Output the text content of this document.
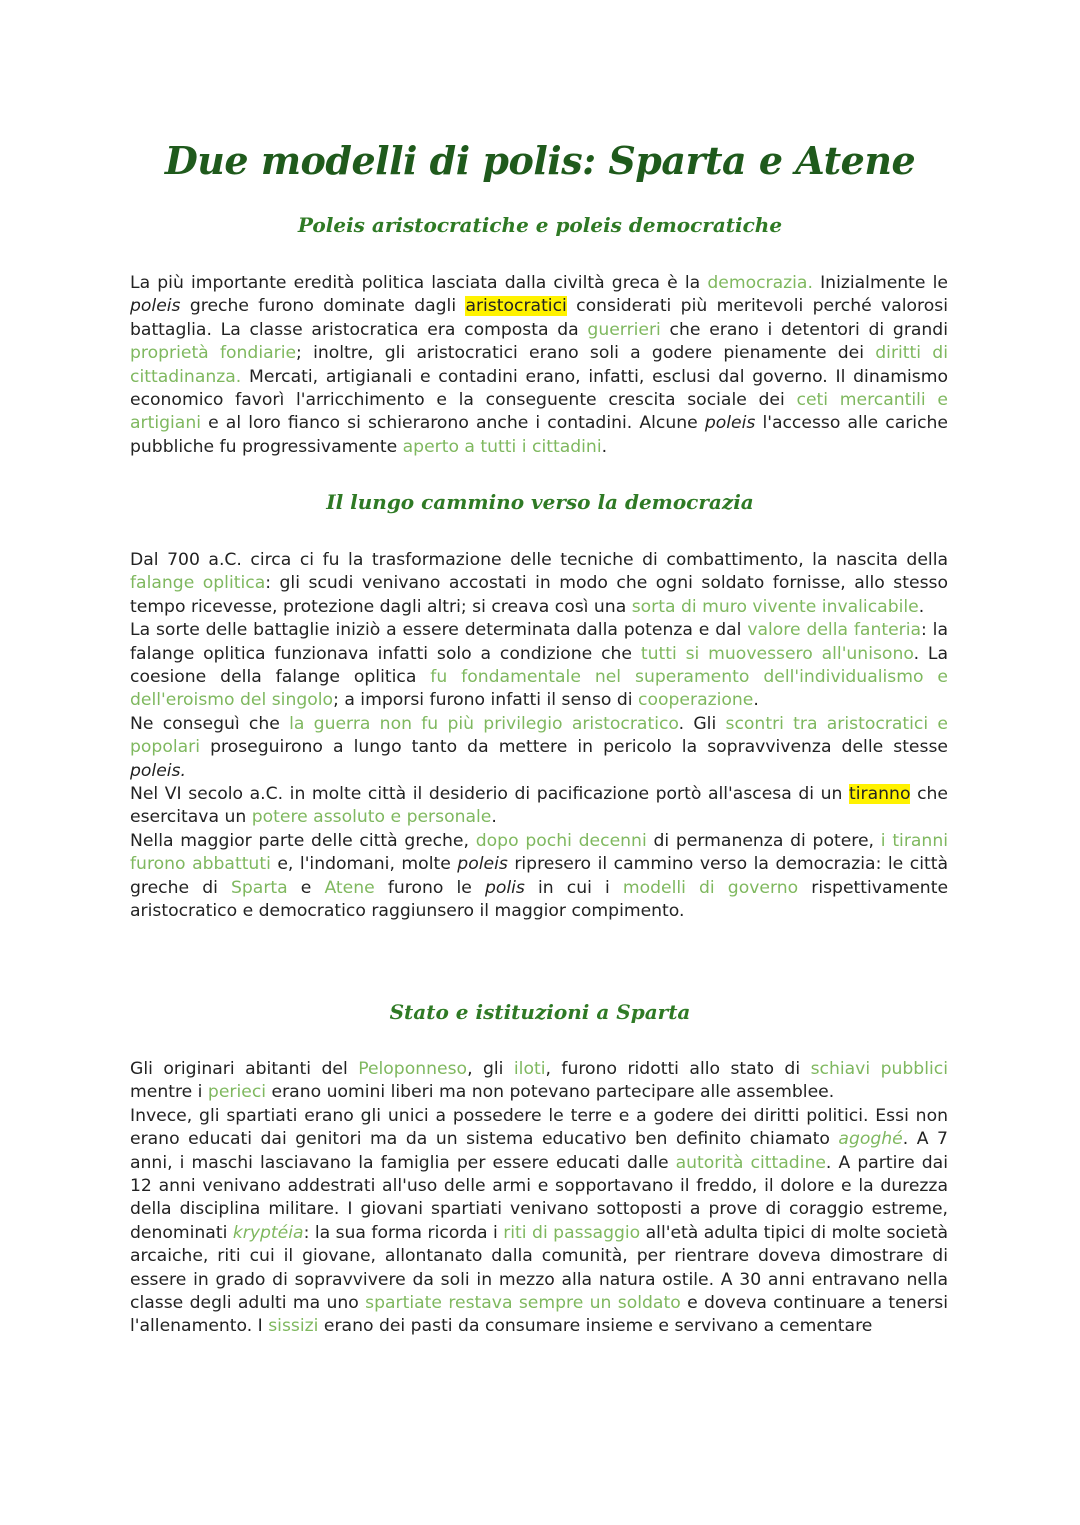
Due modelli di polis: Sparta e Atene
Poleis aristocratiche e poleis democratiche

La più importante eredità politica lasciata dalla civiltà greca è la democrazia. Inizialmente le poleis greche furono dominate dagli aristocratici considerati più meritevoli perché valorosi battaglia. La classe aristocratica era composta da guerrieri che erano i detentori di grandi proprietà fondiarie; inoltre, gli aristocratici erano soli a godere pienamente dei diritti di cittadinanza. Mercati, artigianali e contadini erano, infatti, esclusi dal governo. Il dinamismo economico favorì l'arricchimento e la conseguente crescita sociale dei ceti mercantili e artigiani e al loro fianco si schierarono anche i contadini. Alcune poleis l'accesso alle cariche pubbliche fu progressivamente aperto a tutti i cittadini.

Il lungo cammino verso la democrazia

Dal 700 a.C. circa ci fu la trasformazione delle tecniche di combattimento, la nascita della falange oplitica: gli scudi venivano accostati in modo che ogni soldato fornisse, allo stesso tempo ricevesse, protezione dagli altri; si creava così una sorta di muro vivente invalicabile.

La sorte delle battaglie iniziò a essere determinata dalla potenza e dal valore della fanteria: la falange oplitica funzionava infatti solo a condizione che tutti si muovessero all'unisono. La coesione della falange oplitica fu fondamentale nel superamento dell'individualismo e dell'eroismo del singolo; a imporsi furono infatti il senso di cooperazione.

Ne conseguì che la guerra non fu più privilegio aristocratico. Gli scontri tra aristocratici e popolari proseguirono a lungo tanto da mettere in pericolo la sopravvivenza delle stesse poleis.

Nel VI secolo a.C. in molte città il desiderio di pacificazione portò all'ascesa di un tiranno che esercitava un potere assoluto e personale.

Nella maggior parte delle città greche, dopo pochi decenni di permanenza di potere, i tiranni furono abbattuti e, l'indomani, molte poleis ripresero il cammino verso la democrazia: le città greche di Sparta e Atene furono le polis in cui i modelli di governo rispettivamente aristocratico e democratico raggiunsero il maggior compimento.

Stato e istituzioni a Sparta

Gli originari abitanti del Peloponneso, gli iloti, furono ridotti allo stato di schiavi pubblici mentre i perieci erano uomini liberi ma non potevano partecipare alle assemblee.

Invece, gli spartiati erano gli unici a possedere le terre e a godere dei diritti politici. Essi non erano educati dai genitori ma da un sistema educativo ben definito chiamato agoghé. A 7 anni, i maschi lasciavano la famiglia per essere educati dalle autorità cittadine. A partire dai 12 anni venivano addestrati all'uso delle armi e sopportavano il freddo, il dolore e la durezza della disciplina militare. I giovani spartiati venivano sottoposti a prove di coraggio estreme, denominati kryptéia: la sua forma ricorda i riti di passaggio all'età adulta tipici di molte società arcaiche, riti cui il giovane, allontanato dalla comunità, per rientrare doveva dimostrare di essere in grado di sopravvivere da soli in mezzo alla natura ostile. A 30 anni entravano nella classe degli adulti ma uno spartiate restava sempre un soldato e doveva continuare a tenersi l'allenamento. I sissizi erano dei pasti da consumare insieme e servivano a cementare
